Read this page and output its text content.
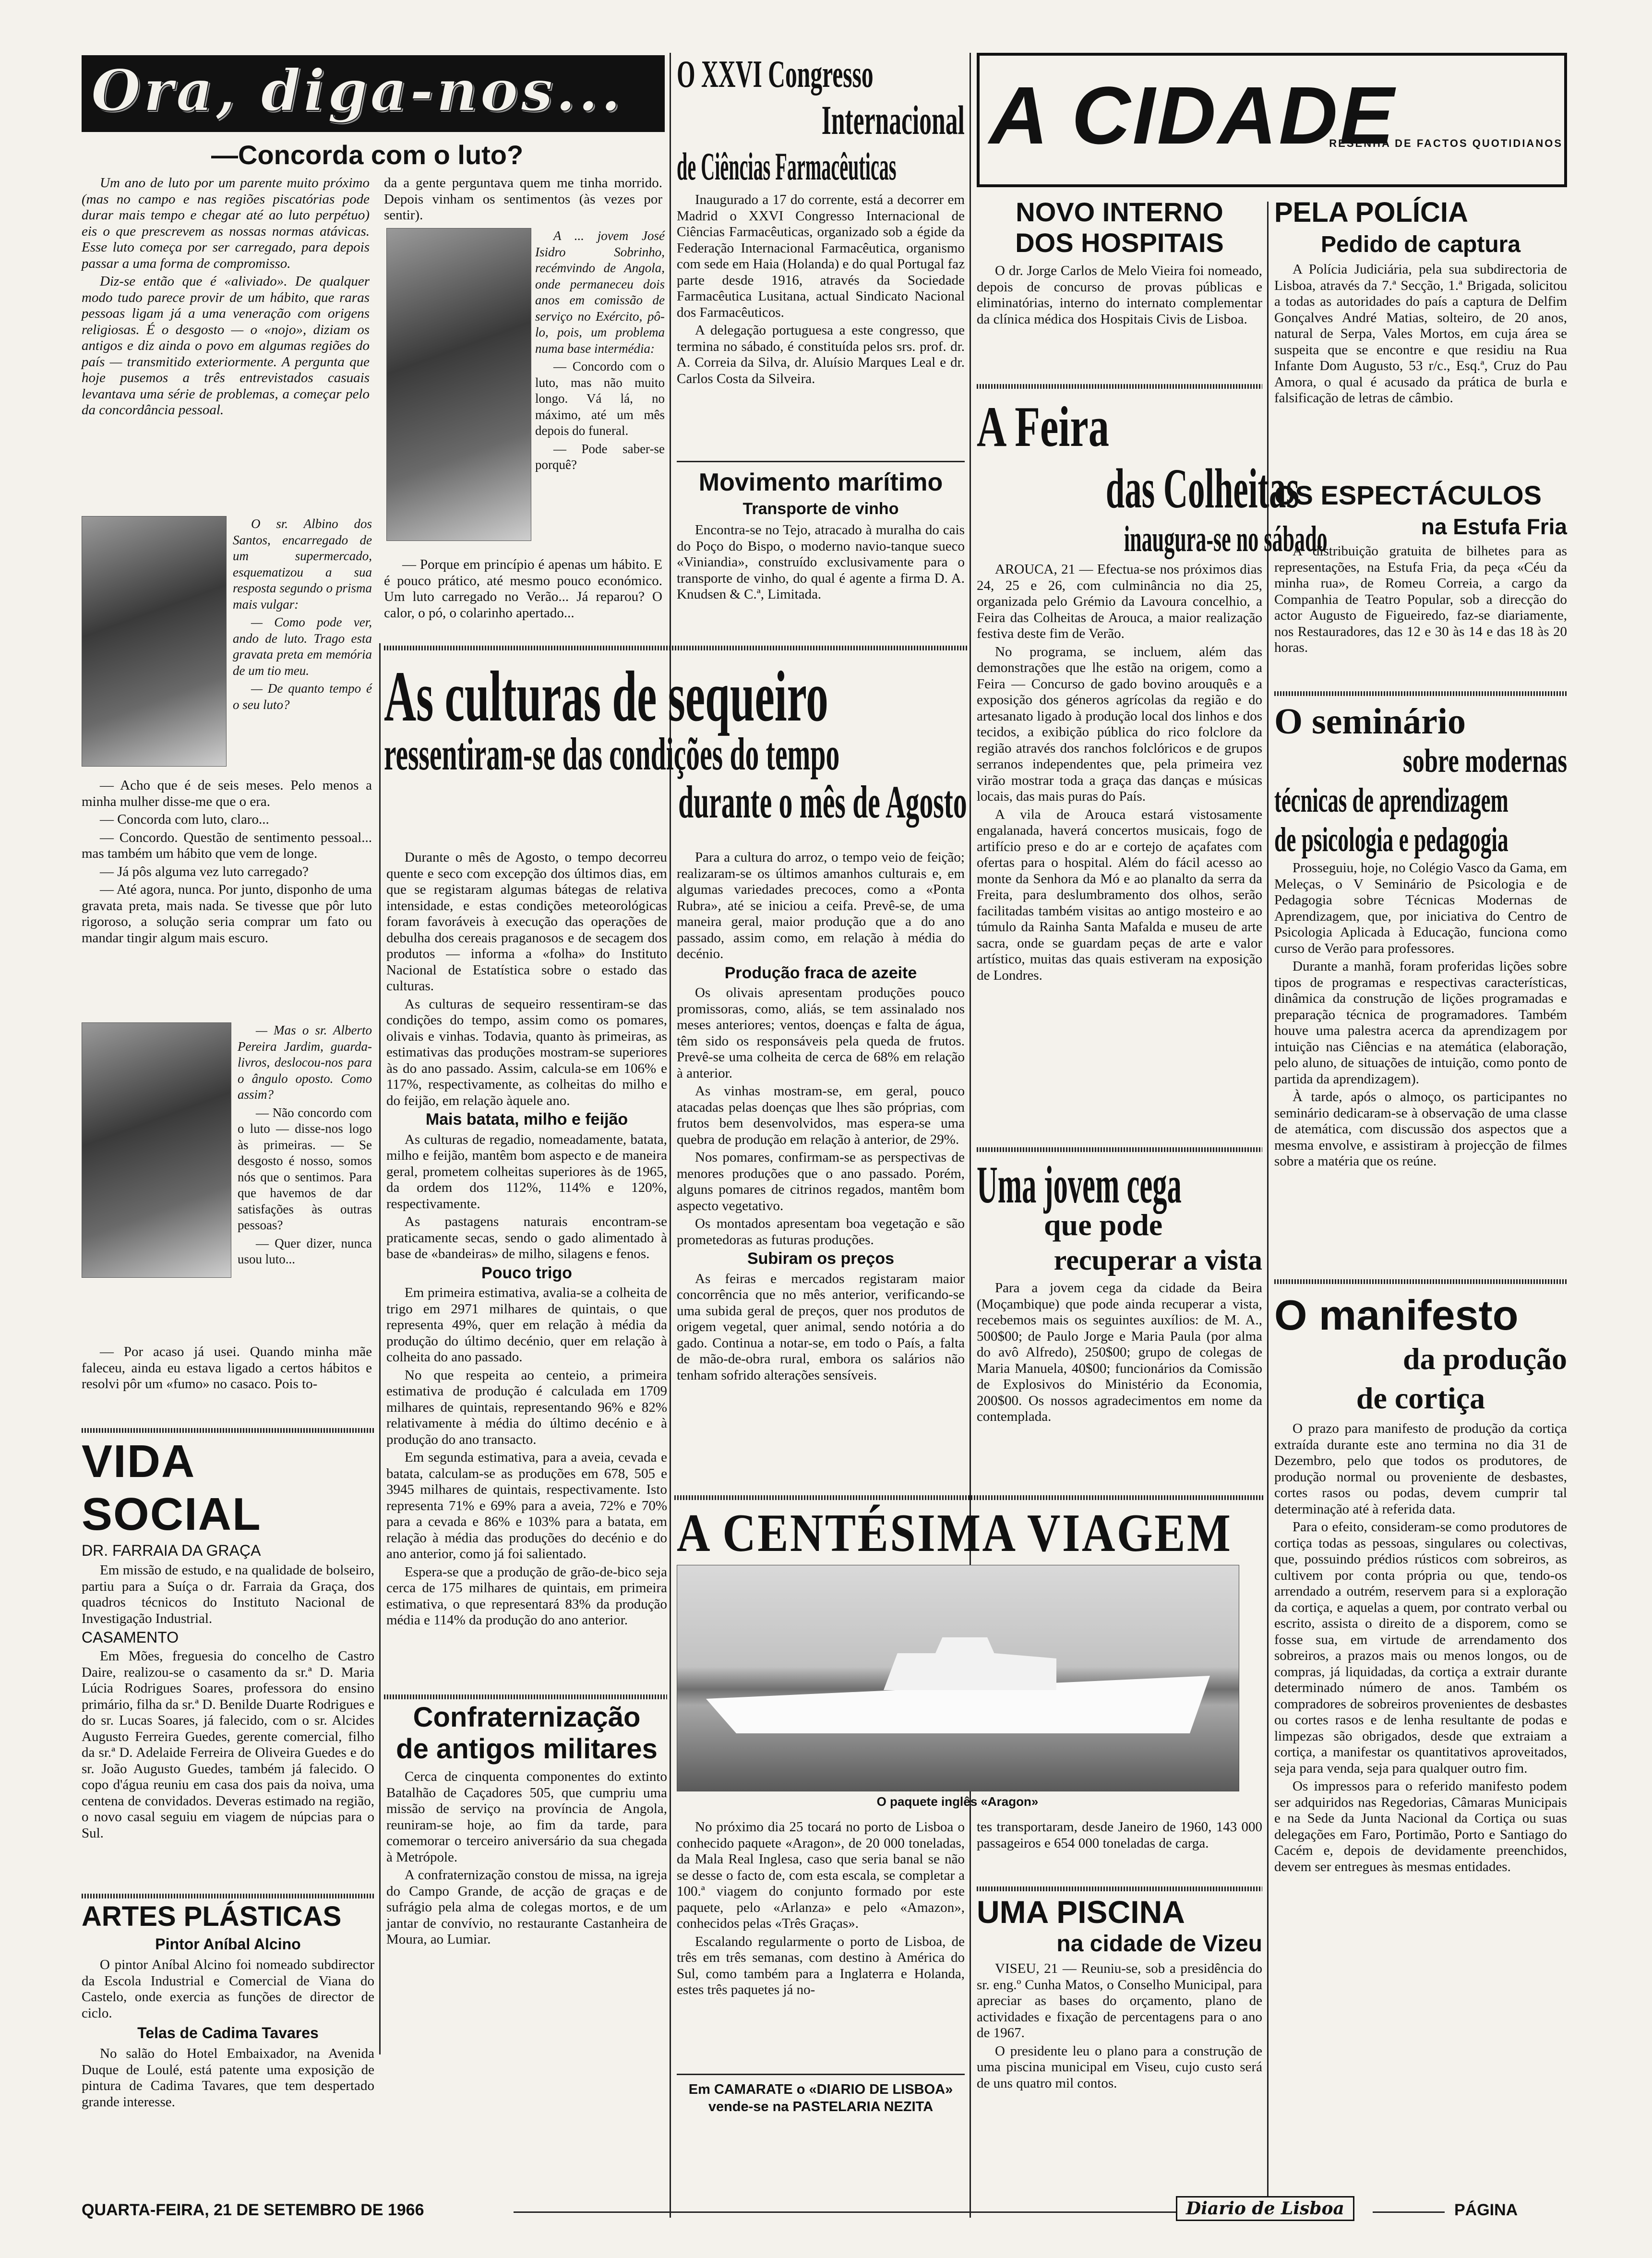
Ora, diga-nos...
—Concorda com o luto?

Um ano de luto por um parente muito próximo (mas no campo e nas regiões piscatórias pode durar mais tempo e chegar até ao luto perpétuo) eis o que prescrevem as nossas normas atávicas. Esse luto começa por ser carregado, para depois passar a uma forma de compromisso.

Diz-se então que é «aliviado». De qualquer modo tudo parece provir de um hábito, que raras pessoas ligam já a uma veneração com origens religiosas. É o desgosto — o «nojo», diziam os antigos e diz ainda o povo em algumas regiões do país — transmitido exteriormente. A pergunta que hoje pusemos a três entrevistados casuais levantava uma série de problemas, a começar pelo da concordância pessoal.

O sr. Albino dos Santos, encarregado de um supermercado, esquematizou a sua resposta segundo o prisma mais vulgar:

— Como pode ver, ando de luto. Trago esta gravata preta em memória de um tio meu.

— De quanto tempo é o seu luto?

— Acho que é de seis meses. Pelo menos a minha mulher disse-me que o era.

— Concorda com luto, claro...

— Concordo. Questão de sentimento pessoal... mas também um hábito que vem de longe.

— Já pôs alguma vez luto carregado?

— Até agora, nunca. Por junto, disponho de uma gravata preta, mais nada. Se tivesse que pôr luto rigoroso, a solução seria comprar um fato ou mandar tingir algum mais escuro.

— Mas o sr. Alberto Pereira Jardim, guarda-livros, deslocou-nos para o ângulo oposto. Como assim?

— Não concordo com o luto — disse-nos logo às primeiras. — Se desgosto é nosso, somos nós que o sentimos. Para que havemos de dar satisfações às outras pessoas?

— Quer dizer, nunca usou luto...

— Por acaso já usei. Quando minha mãe faleceu, ainda eu estava ligado a certos hábitos e resolvi pôr um «fumo» no casaco. Pois to-

VIDA SOCIAL
DR. FARRAIA DA GRAÇA

Em missão de estudo, e na qualidade de bolseiro, partiu para a Suíça o dr. Farraia da Graça, dos quadros técnicos do Instituto Nacional de Investigação Industrial.

CASAMENTO

Em Mões, freguesia do concelho de Castro Daire, realizou-se o casamento da sr.ª D. Maria Lúcia Rodrigues Soares, professora do ensino primário, filha da sr.ª D. Benilde Duarte Rodrigues e do sr. Lucas Soares, já falecido, com o sr. Alcides Augusto Ferreira Guedes, gerente comercial, filho da sr.ª D. Adelaide Ferreira de Oliveira Guedes e do sr. João Augusto Guedes, também já falecido. O copo d'água reuniu em casa dos pais da noiva, uma centena de convidados. Deveras estimado na região, o novo casal seguiu em viagem de núpcias para o Sul.

ARTES PLÁSTICAS
Pintor Aníbal Alcino

O pintor Aníbal Alcino foi nomeado subdirector da Escola Industrial e Comercial de Viana do Castelo, onde exercia as funções de director de ciclo.

Telas de Cadima Tavares

No salão do Hotel Embaixador, na Avenida Duque de Loulé, está patente uma exposição de pintura de Cadima Tavares, que tem despertado grande interesse.

da a gente perguntava quem me tinha morrido. Depois vinham os sentimentos (às vezes por sentir).

A ... jovem José Isidro Sobrinho, recémvindo de Angola, onde permaneceu dois anos em comissão de serviço no Exército, pô-lo, pois, um problema numa base intermédia:

— Concordo com o luto, mas não muito longo. Vá lá, no máximo, até um mês depois do funeral.

— Pode saber-se porquê?

— Porque em princípio é apenas um hábito. E é pouco prático, até mesmo pouco económico. Um luto carregado no Verão... Já reparou? O calor, o pó, o colarinho apertado...

O XXVI Congresso
Internacional
de Ciências Farmacêuticas

Inaugurado a 17 do corrente, está a decorrer em Madrid o XXVI Congresso Internacional de Ciências Farmacêuticas, organizado sob a égide da Federação Internacional Farmacêutica, organismo com sede em Haia (Holanda) e do qual Portugal faz parte desde 1916, através da Sociedade Farmacêutica Lusitana, actual Sindicato Nacional dos Farmacêuticos.

A delegação portuguesa a este congresso, que termina no sábado, é constituída pelos srs. prof. dr. A. Correia da Silva, dr. Aluísio Marques Leal e dr. Carlos Costa da Silveira.

Movimento marítimo
Transporte de vinho

Encontra-se no Tejo, atracado à muralha do cais do Poço do Bispo, o moderno navio-tanque sueco «Viniandia», construído exclusivamente para o transporte de vinho, do qual é agente a firma D. A. Knudsen & C.ª, Limitada.

A CIDADE
RESENHA DE FACTOS QUOTIDIANOS
NOVO INTERNO
DOS HOSPITAIS

O dr. Jorge Carlos de Melo Vieira foi nomeado, depois de concurso de provas públicas e eliminatórias, interno do internato complementar da clínica médica dos Hospitais Civis de Lisboa.

A Feira
das Colheitas
inaugura-se no sábado

AROUCA, 21 — Efectua-se nos próximos dias 24, 25 e 26, com culminância no dia 25, organizada pelo Grémio da Lavoura concelhio, a Feira das Colheitas de Arouca, a maior realização festiva deste fim de Verão.

No programa, se incluem, além das demonstrações que lhe estão na origem, como a Feira — Concurso de gado bovino arouquês e a exposição dos géneros agrícolas da região e do artesanato ligado à produção local dos linhos e dos tecidos, a exibição pública do rico folclore da região através dos ranchos folclóricos e de grupos serranos independentes que, pela primeira vez virão mostrar toda a graça das danças e músicas locais, das mais puras do País.

A vila de Arouca estará vistosamente engalanada, haverá concertos musicais, fogo de artifício preso e do ar e cortejo de açafates com ofertas para o hospital. Além do fácil acesso ao monte da Senhora da Mó e ao planalto da serra da Freita, para deslumbramento dos olhos, serão facilitadas também visitas ao antigo mosteiro e ao túmulo da Rainha Santa Mafalda e museu de arte sacra, onde se guardam peças de arte e valor artístico, muitas das quais estiveram na exposição de Londres.

Uma jovem cega
que pode
recuperar a vista

Para a jovem cega da cidade da Beira (Moçambique) que pode ainda recuperar a vista, recebemos mais os seguintes auxílios: de M. A., 500$00; de Paulo Jorge e Maria Paula (por alma do avô Alfredo), 250$00; grupo de colegas de Maria Manuela, 40$00; funcionários da Comissão de Explosivos do Ministério da Economia, 200$00. Os nossos agradecimentos em nome da contemplada.

PELA POLÍCIA
Pedido de captura

A Polícia Judiciária, pela sua subdirectoria de Lisboa, através da 7.ª Secção, 1.ª Brigada, solicitou a todas as autoridades do país a captura de Delfim Gonçalves André Matias, solteiro, de 20 anos, natural de Serpa, Vales Mortos, em cuja área se suspeita que se encontre e que residiu na Rua Infante Dom Augusto, 53 r/c., Esq.ª, Cruz do Pau Amora, o qual é acusado da prática de burla e falsificação de letras de câmbio.

OS ESPECTÁCULOS
na Estufa Fria

A distribuição gratuita de bilhetes para as representações, na Estufa Fria, da peça «Céu da minha rua», de Romeu Correia, a cargo da Companhia de Teatro Popular, sob a direcção do actor Augusto de Figueiredo, faz-se diariamente, nos Restauradores, das 12 e 30 às 14 e das 18 às 20 horas.

O seminário
sobre modernas
técnicas de aprendizagem
de psicologia e pedagogia

Prosseguiu, hoje, no Colégio Vasco da Gama, em Meleças, o V Seminário de Psicologia e de Pedagogia sobre Técnicas Modernas de Aprendizagem, que, por iniciativa do Centro de Psicologia Aplicada à Educação, funciona como curso de Verão para professores.

Durante a manhã, foram proferidas lições sobre tipos de programas e respectivas características, dinâmica da construção de lições programadas e preparação técnica de programadores. Também houve uma palestra acerca da aprendizagem por intuição nas Ciências e na atemática (elaboração, pelo aluno, de situações de intuição, como ponto de partida da aprendizagem).

À tarde, após o almoço, os participantes no seminário dedicaram-se à observação de uma classe de atemática, com discussão dos aspectos que a mesma envolve, e assistiram à projecção de filmes sobre a matéria que os reúne.

O manifesto
da produção
de cortiça

O prazo para manifesto de produção da cortiça extraída durante este ano termina no dia 31 de Dezembro, pelo que todos os produtores, de produção normal ou proveniente de desbastes, cortes rasos ou podas, devem cumprir tal determinação até à referida data.

Para o efeito, consideram-se como produtores de cortiça todas as pessoas, singulares ou colectivas, que, possuindo prédios rústicos com sobreiros, as cultivem por conta própria ou que, tendo-os arrendado a outrém, reservem para si a exploração da cortiça, e aquelas a quem, por contrato verbal ou escrito, assista o direito de a disporem, como se fosse sua, em virtude de arrendamento dos sobreiros, a prazos mais ou menos longos, ou de compras, já liquidadas, da cortiça a extrair durante determinado número de anos. Também os compradores de sobreiros provenientes de desbastes ou cortes rasos e de lenha resultante de podas e limpezas são obrigados, desde que extraiam a cortiça, a manifestar os quantitativos aproveitados, seja para venda, seja para qualquer outro fim.

Os impressos para o referido manifesto podem ser adquiridos nas Regedorias, Câmaras Municipais e na Sede da Junta Nacional da Cortiça ou suas delegações em Faro, Portimão, Porto e Santiago do Cacém e, depois de devidamente preenchidos, devem ser entregues às mesmas entidades.

As culturas de sequeiro
ressentiram-se das condições do tempo
durante o mês de Agosto

Durante o mês de Agosto, o tempo decorreu quente e seco com excepção dos últimos dias, em que se registaram algumas bátegas de relativa intensidade, e estas condições meteorológicas foram favoráveis à execução das operações de debulha dos cereais praganosos e de secagem dos produtos — informa a «folha» do Instituto Nacional de Estatística sobre o estado das culturas.

As culturas de sequeiro ressentiram-se das condições do tempo, assim como os pomares, olivais e vinhas. Todavia, quanto às primeiras, as estimativas das produções mostram-se superiores às do ano passado. Assim, calcula-se em 106% e 117%, respectivamente, as colheitas do milho e do feijão, em relação àquele ano.

Mais batata, milho e feijão

As culturas de regadio, nomeadamente, batata, milho e feijão, mantêm bom aspecto e de maneira geral, prometem colheitas superiores às de 1965, da ordem dos 112%, 114% e 120%, respectivamente.

As pastagens naturais encontram-se praticamente secas, sendo o gado alimentado à base de «bandeiras» de milho, silagens e fenos.

Pouco trigo

Em primeira estimativa, avalia-se a colheita de trigo em 2971 milhares de quintais, o que representa 49%, quer em relação à média da produção do último decénio, quer em relação à colheita do ano passado.

No que respeita ao centeio, a primeira estimativa de produção é calculada em 1709 milhares de quintais, representando 96% e 82% relativamente à média do último decénio e à produção do ano transacto.

Em segunda estimativa, para a aveia, cevada e batata, calculam-se as produções em 678, 505 e 3945 milhares de quintais, respectivamente. Isto representa 71% e 69% para a aveia, 72% e 70% para a cevada e 86% e 103% para a batata, em relação à média das produções do decénio e do ano anterior, como já foi salientado.

Espera-se que a produção de grão-de-bico seja cerca de 175 milhares de quintais, em primeira estimativa, o que representará 83% da produção média e 114% da produção do ano anterior.

Para a cultura do arroz, o tempo veio de feição; realizaram-se os últimos amanhos culturais e, em algumas variedades precoces, como a «Ponta Rubra», até se iniciou a ceifa. Prevê-se, de uma maneira geral, maior produção que a do ano passado, assim como, em relação à média do decénio.

Produção fraca de azeite

Os olivais apresentam produções pouco promissoras, como, aliás, se tem assinalado nos meses anteriores; ventos, doenças e falta de água, têm sido os responsáveis pela queda de frutos. Prevê-se uma colheita de cerca de 68% em relação à anterior.

As vinhas mostram-se, em geral, pouco atacadas pelas doenças que lhes são próprias, com frutos bem desenvolvidos, mas espera-se uma quebra de produção em relação à anterior, de 29%.

Nos pomares, confirmam-se as perspectivas de menores produções que o ano passado. Porém, alguns pomares de citrinos regados, mantêm bom aspecto vegetativo.

Os montados apresentam boa vegetação e são prometedoras as futuras produções.

Subiram os preços

As feiras e mercados registaram maior concorrência que no mês anterior, verificando-se uma subida geral de preços, quer nos produtos de origem vegetal, quer animal, sendo notória a do gado. Continua a notar-se, em todo o País, a falta de mão-de-obra rural, embora os salários não tenham sofrido alterações sensíveis.

Confraternização
de antigos militares

Cerca de cinquenta componentes do extinto Batalhão de Caçadores 505, que cumpriu uma missão de serviço na província de Angola, reuniram-se hoje, ao fim da tarde, para comemorar o terceiro aniversário da sua chegada à Metrópole.

A confraternização constou de missa, na igreja do Campo Grande, de acção de graças e de sufrágio pela alma de colegas mortos, e de um jantar de convívio, no restaurante Castanheira de Moura, ao Lumiar.

A CENTÉSIMA VIAGEM
O paquete inglês «Aragon»

No próximo dia 25 tocará no porto de Lisboa o conhecido paquete «Aragon», de 20 000 toneladas, da Mala Real Inglesa, caso que seria banal se não se desse o facto de, com esta escala, se completar a 100.ª viagem do conjunto formado por este paquete, pelo «Arlanza» e pelo «Amazon», conhecidos pelas «Três Graças».

Escalando regularmente o porto de Lisboa, de três em três semanas, com destino à América do Sul, como também para a Inglaterra e Holanda, estes três paquetes já no-

tes transportaram, desde Janeiro de 1960, 143 000 passageiros e 654 000 toneladas de carga.

Em CAMARATE o «DIARIO DE LISBOA» vende-se na PASTELARIA NEZITA
UMA PISCINA
na cidade de Vizeu

VISEU, 21 — Reuniu-se, sob a presidência do sr. eng.º Cunha Matos, o Conselho Municipal, para apreciar as bases do orçamento, plano de actividades e fixação de percentagens para o ano de 1967.

O presidente leu o plano para a construção de uma piscina municipal em Viseu, cujo custo será de uns quatro mil contos.

QUARTA-FEIRA, 21 DE SETEMBRO DE 1966	Diario de Lisboa	PÁGINA
